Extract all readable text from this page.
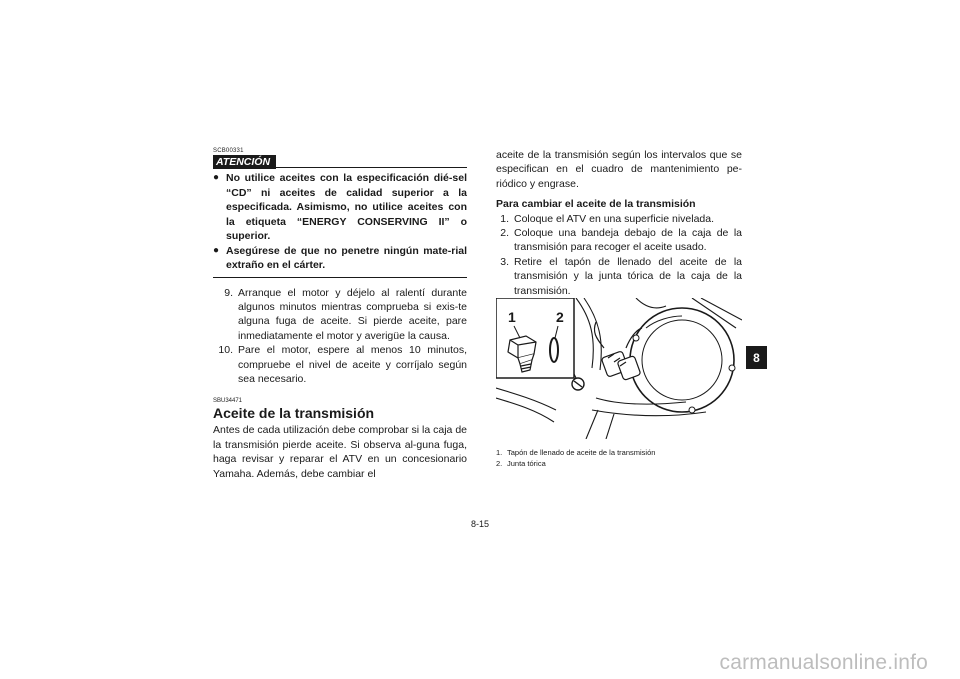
SCB00331
ATENCIÓN
● No utilice aceites con la especificación dié-sel “CD” ni aceites de calidad superior a la especificada. Asimismo, no utilice aceites con la etiqueta “ENERGY CONSERVING II” o superior.
● Asegúrese de que no penetre ningún mate-rial extraño en el cárter.
9. Arranque el motor y déjelo al ralentí durante algunos minutos mientras comprueba si exis-te alguna fuga de aceite. Si pierde aceite, pare inmediatamente el motor y averigüe la causa.
10. Pare el motor, espere al menos 10 minutos, compruebe el nivel de aceite y corríjalo según sea necesario.
SBU34471
Aceite de la transmisión

Antes de cada utilización debe comprobar si la caja de la transmisión pierde aceite. Si observa al-guna fuga, haga revisar y reparar el ATV en un concesionario Yamaha. Además, debe cambiar el

aceite de la transmisión según los intervalos que se especifican en el cuadro de mantenimiento pe-riódico y engrase.

Para cambiar el aceite de la transmisión
1. Coloque el ATV en una superficie nivelada.
2. Coloque una bandeja debajo de la caja de la transmisión para recoger el aceite usado.
3. Retire el tapón de llenado del aceite de la transmisión y la junta tórica de la caja de la transmisión.
1	2
1. Tapón de llenado de aceite de la transmisión
2. Junta tórica
8
8-15
carmanualsonline.info
